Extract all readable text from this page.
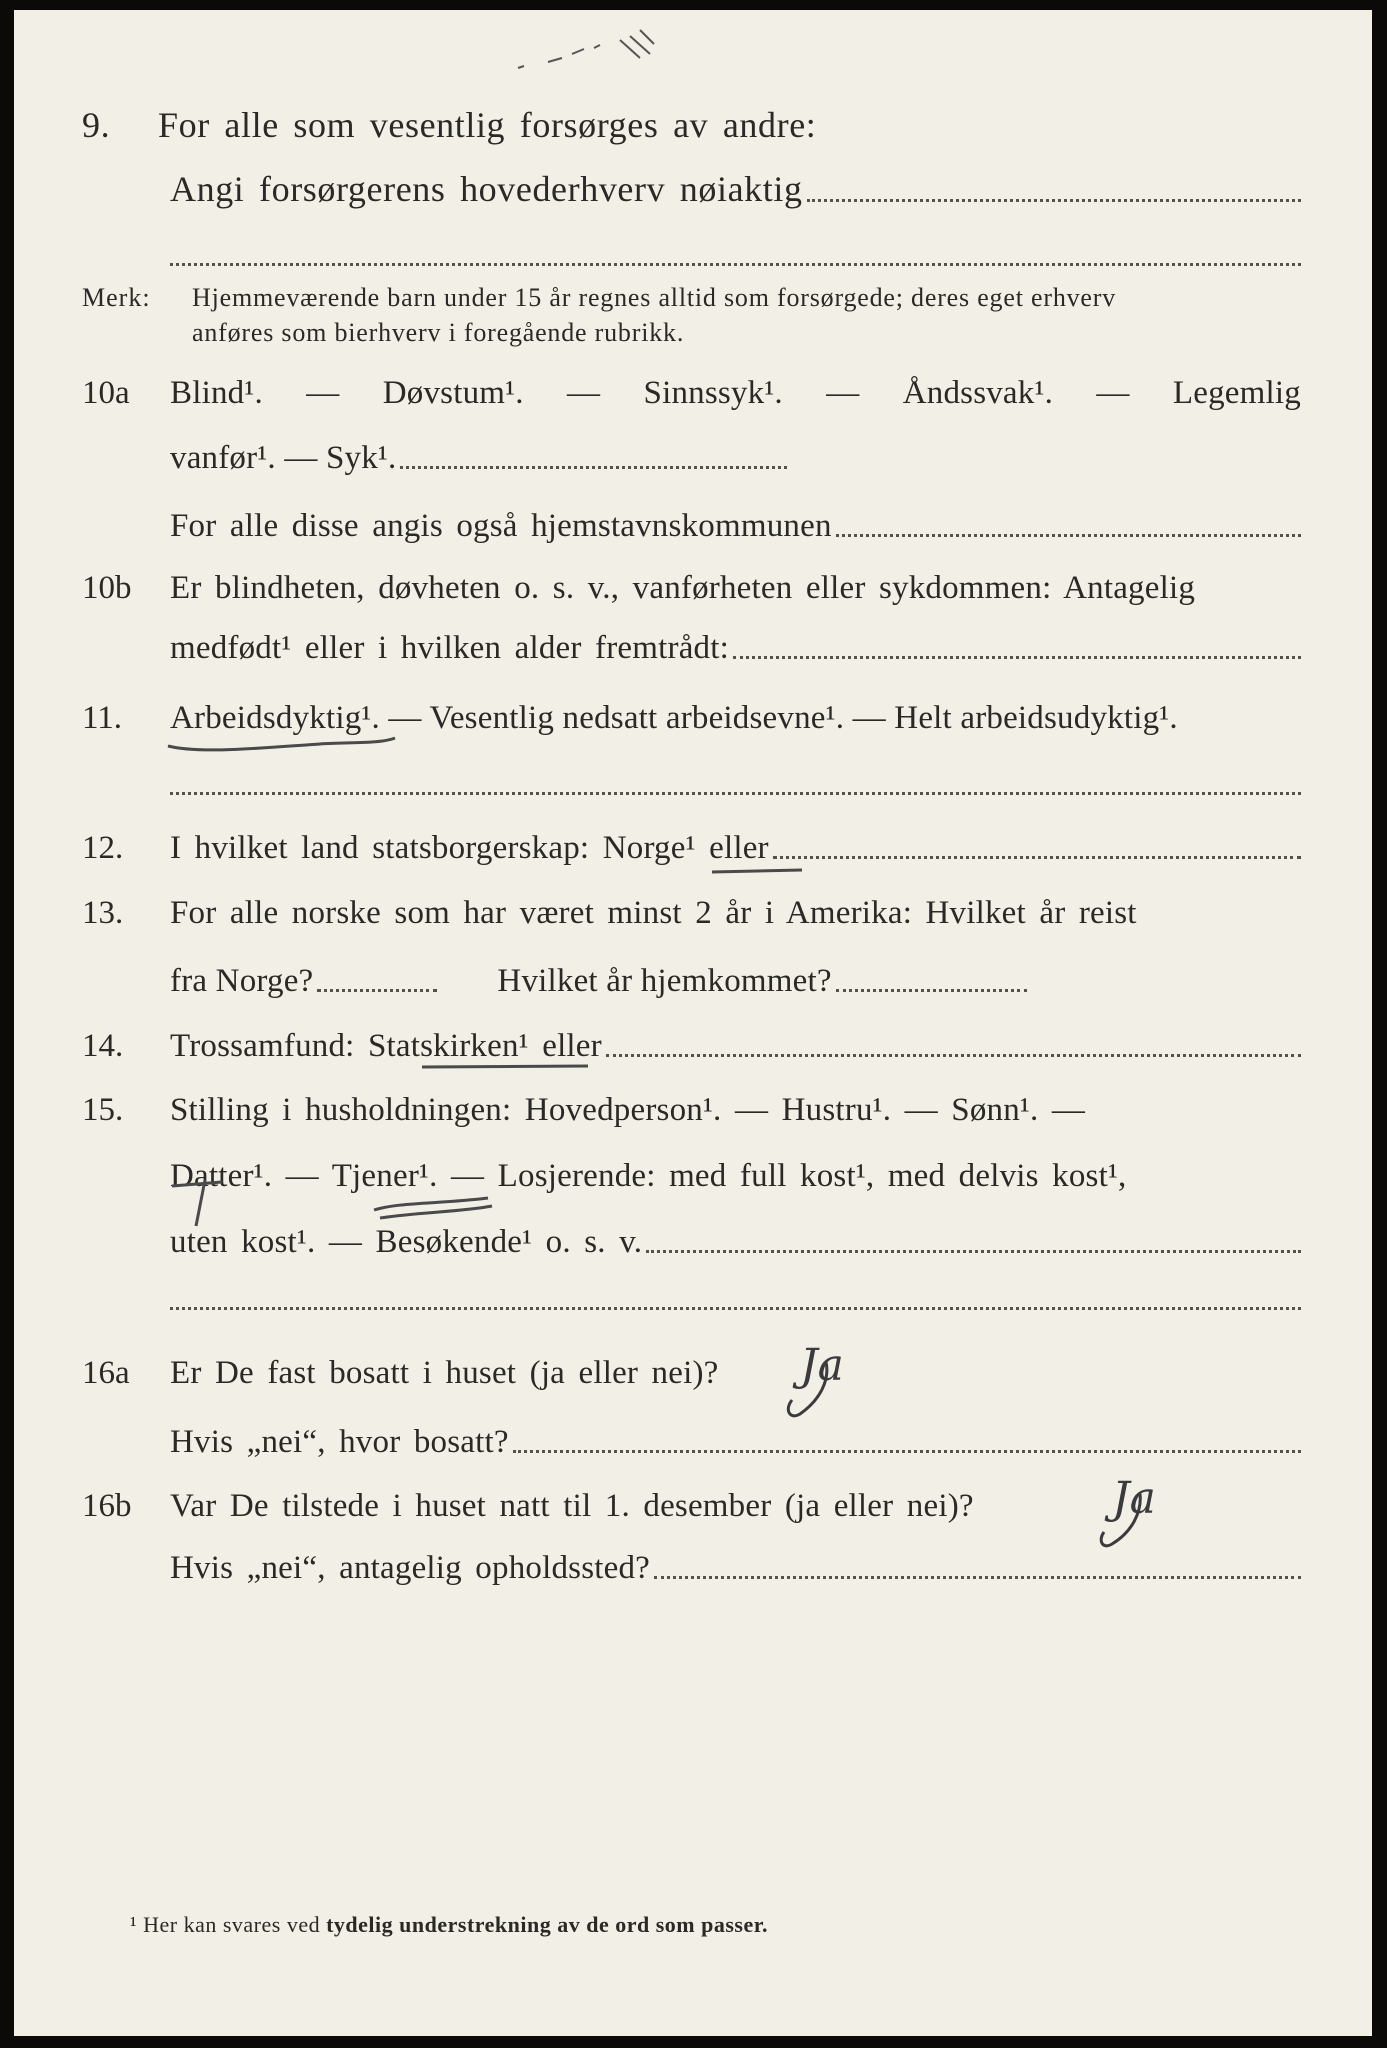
9. For alle som vesentlig forsørges av andre:
Angi forsørgerens hovederhverv nøiaktig
Merk: Hjemmeværende barn under 15 år regnes alltid som forsørgede; deres eget erhverv
anføres som bierhverv i foregående rubrikk.
10a Blind¹. — Døvstum¹. — Sinnssyk¹. — Åndssvak¹. — Legemlig
vanfør¹. — Syk¹.
For alle disse angis også hjemstavnskommunen
10b Er blindheten, døvheten o. s. v., vanførheten eller sykdommen: Antagelig
medfødt¹ eller i hvilken alder fremtrådt:
11. Arbeidsdyktig¹. — Vesentlig nedsatt arbeidsevne¹. — Helt arbeidsudyktig¹.
12. I hvilket land statsborgerskap: Norge¹ eller
13. For alle norske som har været minst 2 år i Amerika: Hvilket år reist
fra Norge?	Hvilket år hjemkommet?
14. Trossamfund: Statskirken¹ eller
15. Stilling i husholdningen: Hovedperson¹. — Hustru¹. — Sønn¹. —
Datter¹. — Tjener¹. — Losjerende: med full kost¹, med delvis kost¹,
uten kost¹. — Besøkende¹ o. s. v.
16a Er De fast bosatt i huset (ja eller nei)?	Ja
Hvis „nei“, hvor bosatt?
16b Var De tilstede i huset natt til 1. desember (ja eller nei)?	Ja
Hvis „nei“, antagelig opholdssted?
¹ Her kan svares ved tydelig understrekning av de ord som passer.
